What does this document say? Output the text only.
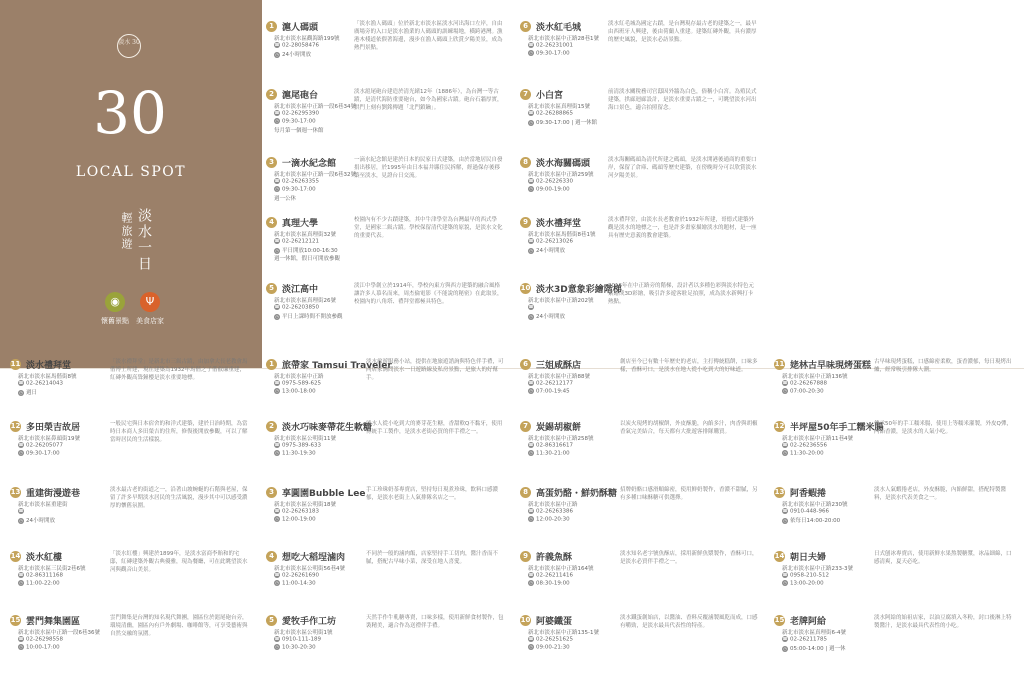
淡水 30
30
LOCAL SPOT
淡水一日
輕旅遊
◉	Ψ
懷舊景點	美食店家
1 滬人碼頭
新北市淡水區觀海路199號
☎ 02-28058476
◷ 24小時開放
「淡水漁人碼頭」位於新北市淡水區淡水河出海口左岸，自由廣場旁的入口是淡水漁業的人碼頭的訓練場地，橫跨港灣。漁港木棧道依偎著海邊，漫步在漁人碼頭上欣賞夕陽美景，成為熱門景點。
2 滬尾砲台
新北市淡水區中正路一段6巷34號
☎ 02-26295390
◷ 09:30-17:00
每月第一個週一休館
淡水滬尾砲台建造於清光緒12年（1886年），為台灣一等古蹟，是清代海防重要砲台，如今為國家古蹟。砲台石牆厚實，拱門上刻有劉銘傳題「北門鎖鑰」。
3 一滴水紀念館
新北市淡水區中正路一段6巷32號
☎ 02-26263355
◷ 09:30-17:00
週一公休
一滴水紀念館是建於日本的民家日式建築，由於當地居民自發捐出移居，於1995年由日本福井縣住民拆解，經過保存後移築至淡水，見證台日交流。
4 真理大學
新北市淡水區真理街32號
☎ 02-26212121
◷ 平日開放10:00-16:30
週一休館，假日可開放參觀
校園內有不少古蹟建築，其中牛津學堂為台灣最早的西式學堂，是國家二級古蹟。學校保留清代建築的原貌，是淡水文化的重要代表。
5 淡江高中
新北市淡水區真理街26號
☎ 02-26203850
◷ 平日上課時間不開放參觀
淡江中學創立於1914年，學校內東方與西方建築的融合風格讓許多人慕名而來，周杰倫電影《不能說的秘密》在此取景，校園內的八角塔、禮拜堂都極具特色。
6 淡水紅毛城
新北市淡水區中正路28巷1號
☎ 02-26231001
◷ 09:30-17:00
淡水紅毛城為國定古蹟，是台灣現存最古老的建築之一，最早由西班牙人興建，後由荷蘭人重建。建築紅磚外觀，具有濃厚的歷史風貌，是淡水必訪景點。
7 小白宮
新北市淡水區真理街15號
☎ 02-26288865
◷ 09:30-17:00 | 週一休館
前清淡水關稅務司官邸因外牆為白色，俗稱小白宮。為殖民式建築，拱廊迴廊設計，是淡水重要古蹟之一，可眺望淡水河出海口景色，適合拍照留念。
8 淡水海關碼頭
新北市淡水區中正路259號
☎ 02-26226330
◷ 09:00-19:00
淡水海關碼頭為清代所建之碼頭，是淡水開港後通商的重要口岸，保留了倉庫、碼頭等歷史建築，在傍晚時分可以欣賞淡水河夕陽美景。
9 淡水禮拜堂
新北市淡水區馬偕街8巷1號
☎ 02-26213026
◷ 24小時開放
淡水禮拜堂，由淡水長老教會於1932年所建，哥德式建築外觀是淡水的地標之一，也是許多畫家描繪淡水的題材，是一座具有歷史意義的教會建築。
10 淡水3D意象彩繪階梯
新北市淡水區中正路202號
☎
◷ 24小時開放
2016年在中正路旁的階梯，設計者以多種色彩與淡水特色元素繪成3D彩繪，吸引許多遊客駐足拍照，成為淡水新興打卡熱點。
11 淡水禮拜堂
新北市淡水區馬偕街8號
☎ 02-26214043
◷ 週日
「淡水禮拜堂」是新北市三級古蹟，由加拿大長老教會馬偕博士所建，現在建築為1932年馬偕之子偕叡廉重建，紅磚外觀高聳鐘樓是淡水重要地標。
12 多田榮吉故居
新北市淡水區鼻頭街19號
☎ 02-26205077
◷ 09:30-17:00
一般民宅與日本宿舍的和洋式建築，建於日治時期，為當時日本商人多田榮吉的住所，修復後開放參觀，可以了解當時居民的生活樣貌。
13 重建街漫遊巷
新北市淡水區重建街
☎
◷ 24小時開放
淡水最古老的街道之一，沿著山坡蜿蜒的石階與老屋，保留了許多早期淡水居民的生活風貌，漫步其中可以感受濃厚的懷舊氛圍。
14 淡水紅樓
新北市淡水區三民街2巷6號
☎ 02-86311168
◷ 11:00-22:00
「淡水紅樓」興建於1899年，是淡水富商李貽和的宅邸，紅磚建築外觀古典優雅，現為餐廳，可在此眺望淡水河與觀音山美景。
15 雲門舞集園區
新北市淡水區中正路一段6巷36號
☎ 02-26298558
◷ 10:00-17:00
雲門舞集是台灣的知名現代舞團，園區位於滬尾砲台旁，環境清幽，園區內有戶外劇場、咖啡館等，可享受藝術與自然交融的氛圍。
1 旅帶家 Tamsui Traveler
新北市淡水區中正路
☎ 0975-589-625
◷ 13:00-18:00
淡水旅遊服務小站，提供在地旅遊諮詢與特色伴手禮，可向店家詢問淡水一日遊路線及私房景點，是旅人的好幫手。
2 淡水巧味麥帶花生軟糖
新北市淡水區公明街11號
☎ 0975-389-633
◷ 11:30-19:30
淡水人從小吃到大的麥芽花生糖，香甜軟Q不黏牙，使用傳統手工製作，是淡水老街必買的伴手禮之一。
3 享圓園Bubble Lee
新北市淡水區公明街18號
☎ 02-26263183
◷ 12:00-19:00
手工珍珠奶茶專賣店，堅持每日現煮珍珠，飲料口感濃郁，是淡水老街上人氣排隊名店之一。
4 想吃大稻埕滷肉
新北市淡水區公明街56巷4號
☎ 02-26261690
◷ 11:00-14:30
不同於一般的滷肉飯，店家堅持手工切肉，醬汁香而不膩，搭配古早味小菜，深受在地人喜愛。
5 愛牧手作工坊
新北市淡水區公明街1號
☎ 0910-111-189
◷ 10:30-20:30
天然手作牛軋糖專賣，口味多樣，使用新鮮食材製作，包裝精美，適合作為送禮伴手禮。
6 三姐咸酥店
新北市淡水區中正路88號
☎ 02-26212177
◷ 07:00-19:45
創店至今已有數十年歷史的老店，主打傳統糕餅，口味多樣，香酥可口，是淡水在地人從小吃到大的好味道。
7 炭錫胡椒餅
新北市淡水區中正路258號
☎ 02-86316617
◷ 11:30-21:00
以炭火現烤的胡椒餅，外皮酥脆，內餡多汁，肉香與胡椒香氣完美結合，每天都有大批遊客排隊購買。
8 高蛋奶酪・鮮奶酥糖
新北市淡水區中正路
☎ 02-26263386
◷ 12:00-20:30
招牌奶酪口感滑順綿密，使用鮮奶製作，香濃不甜膩，另有多種口味酥糖可供選擇。
9 許義魚酥
新北市淡水區中正路164號
☎ 02-26211416
◷ 08:30-19:00
淡水知名老字號魚酥店，採用新鮮魚漿製作，香酥可口，是淡水必買伴手禮之一。
10 阿婆鐵蛋
新北市淡水區中正路135-1號
☎ 02-26251625
◷ 09:00-21:30
淡水鐵蛋創始店，以醬油、香料反覆滷製風乾而成，口感有嚼勁，是淡水最具代表性的特產。
11 姥林古早味現烤蛋糕
新北市淡水區中正路136號
☎ 02-26267888
◷ 07:00-20:30
古早味現烤蛋糕，口感綿密柔軟，蛋香濃郁，每日現烤出爐，經常吸引排隊人潮。
12 半坪屋50年手工糯米腸
新北市淡水區中正路11巷4號
☎ 02-26236556
◷ 11:30-20:00
傳承50年的手工糯米腸，使用上等糯米灌製，外皮Q彈，內餡香濃，是淡水的人氣小吃。
13 阿香蝦捲
新北市淡水區中正路230號
☎ 0910-448-966
◷ 依每日14:00-20:00
淡水人氣蝦捲老店，外皮酥脆，內餡鮮甜，搭配特製醬料，是淡水代表美食之一。
14 朝日夫婦
新北市淡水區中正路233-3號
☎ 0958-210-512
◷ 13:00-20:00
日式刨冰專賣店，使用新鮮水果熬製糖漿，冰品細綿，口感清爽，夏天必吃。
15 老牌阿給
新北市淡水區真理街6-4號
☎ 02-26211785
◷ 05:00-14:00 | 週一休
淡水阿給的始祖店家，以油豆腐填入冬粉，封口後淋上特製醬汁，是淡水最具代表性的小吃。
